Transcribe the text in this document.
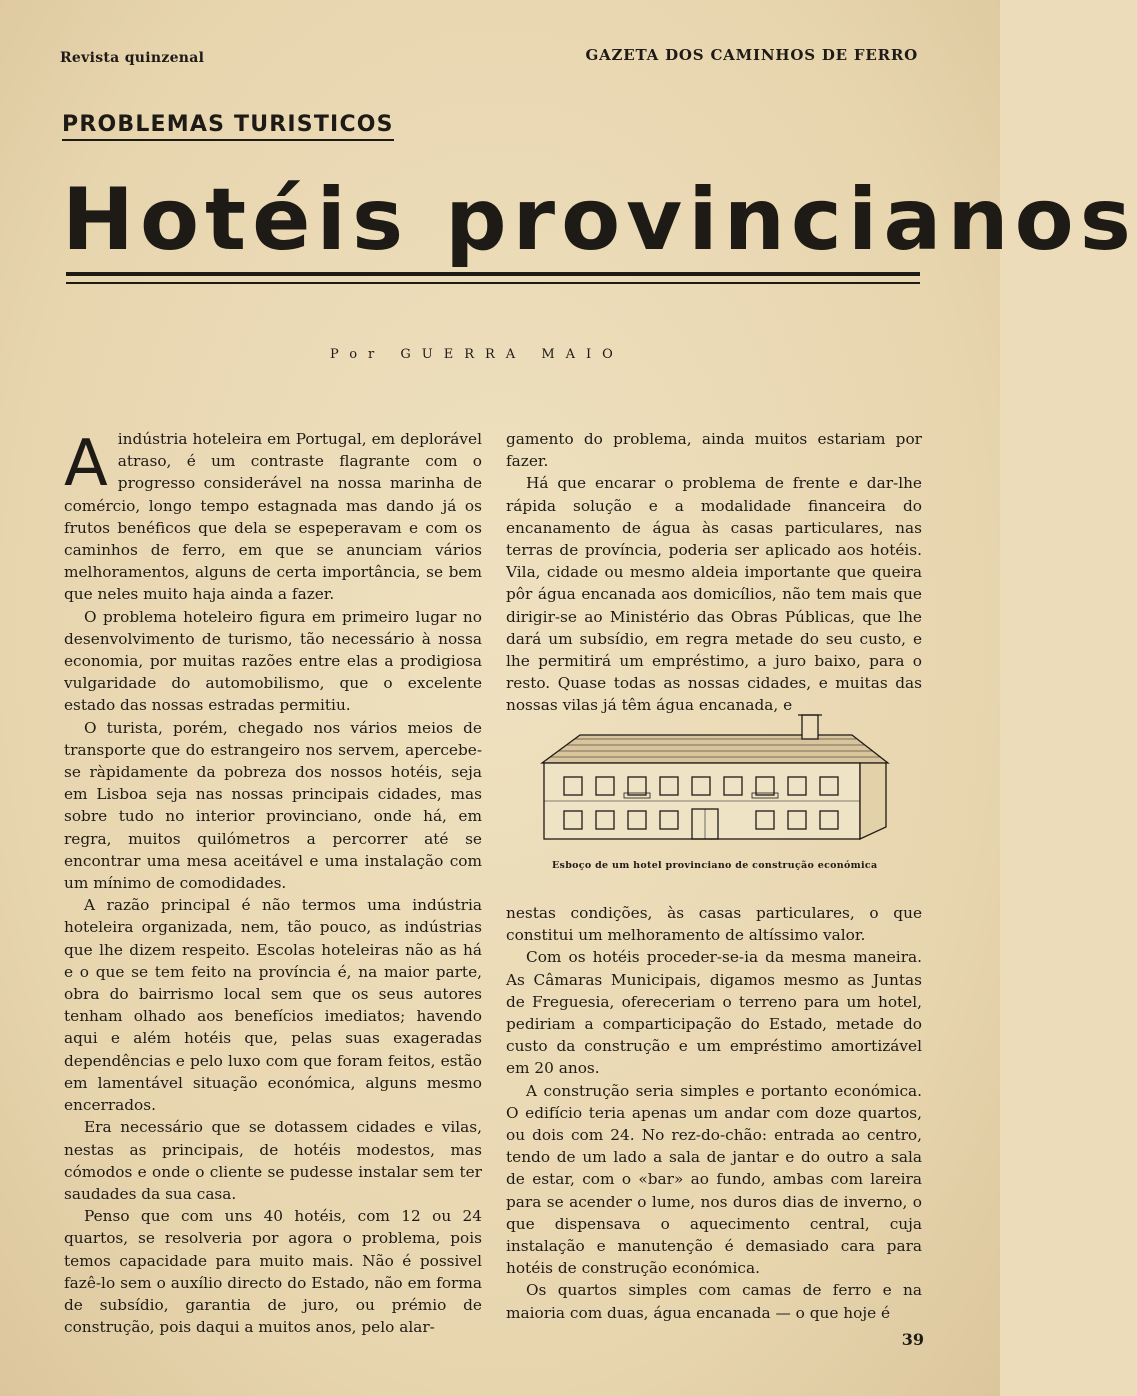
Revista quinzenal	GAZETA DOS CAMINHOS DE FERRO
PROBLEMAS TURISTICOS
Hotéis provincianos
Por GUERRA MAIO

Aindústria hoteleira em Portugal, em deplorável atraso, é um contraste flagrante com o progresso considerável na nossa marinha de comércio, longo tempo estagnada mas dando já os frutos benéficos que dela se espeperavam e com os caminhos de ferro, em que se anunciam vários melhoramentos, alguns de certa importância, se bem que neles muito haja ainda a fazer.

O problema hoteleiro figura em primeiro lugar no desenvolvimento de turismo, tão necessário à nossa economia, por muitas razões entre elas a prodigiosa vulgaridade do automobilismo, que o excelente estado das nossas estradas permitiu.

O turista, porém, chegado nos vários meios de transporte que do estrangeiro nos servem, apercebe-se ràpidamente da pobreza dos nossos hotéis, seja em Lisboa seja nas nossas principais cidades, mas sobre tudo no interior provinciano, onde há, em regra, muitos quilómetros a percorrer até se encontrar uma mesa aceitável e uma instalação com um mínimo de comodidades.

A razão principal é não termos uma indústria hoteleira organizada, nem, tão pouco, as indústrias que lhe dizem respeito. Escolas hoteleiras não as há e o que se tem feito na província é, na maior parte, obra do bairrismo local sem que os seus autores tenham olhado aos benefícios imediatos; havendo aqui e além hotéis que, pelas suas exageradas dependências e pelo luxo com que foram feitos, estão em lamentável situação económica, alguns mesmo encerrados.

Era necessário que se dotassem cidades e vilas, nestas as principais, de hotéis modestos, mas cómodos e onde o cliente se pudesse instalar sem ter saudades da sua casa.

Penso que com uns 40 hotéis, com 12 ou 24 quartos, se resolveria por agora o problema, pois temos capacidade para muito mais. Não é possivel fazê-lo sem o auxílio directo do Estado, não em forma de subsídio, garantia de juro, ou prémio de construção, pois daqui a muitos anos, pelo alar-

gamento do problema, ainda muitos estariam por fazer.

Há que encarar o problema de frente e dar-lhe rápida solução e a modalidade financeira do encanamento de água às casas particulares, nas terras de província, poderia ser aplicado aos hotéis. Vila, cidade ou mesmo aldeia importante que queira pôr água encanada aos domicílios, não tem mais que dirigir-se ao Ministério das Obras Públicas, que lhe dará um subsídio, em regra metade do seu custo, e lhe permitirá um empréstimo, a juro baixo, para o resto. Quase todas as nossas cidades, e muitas das nossas vilas já têm água encanada, e

Esboço de um hotel provinciano de construção económica

nestas condições, às casas particulares, o que constitui um melhoramento de altíssimo valor.

Com os hotéis proceder-se-ia da mesma maneira. As Câmaras Municipais, digamos mesmo as Juntas de Freguesia, ofereceriam o terreno para um hotel, pediriam a comparticipação do Estado, metade do custo da construção e um empréstimo amortizável em 20 anos.

A construção seria simples e portanto económica. O edifício teria apenas um andar com doze quartos, ou dois com 24. No rez-do-chão: entrada ao centro, tendo de um lado a sala de jantar e do outro a sala de estar, com o «bar» ao fundo, ambas com lareira para se acender o lume, nos duros dias de inverno, o que dispensava o aquecimento central, cuja instalação e manutenção é demasiado cara para hotéis de construção económica.

Os quartos simples com camas de ferro e na maioria com duas, água encanada — o que hoje é

39
